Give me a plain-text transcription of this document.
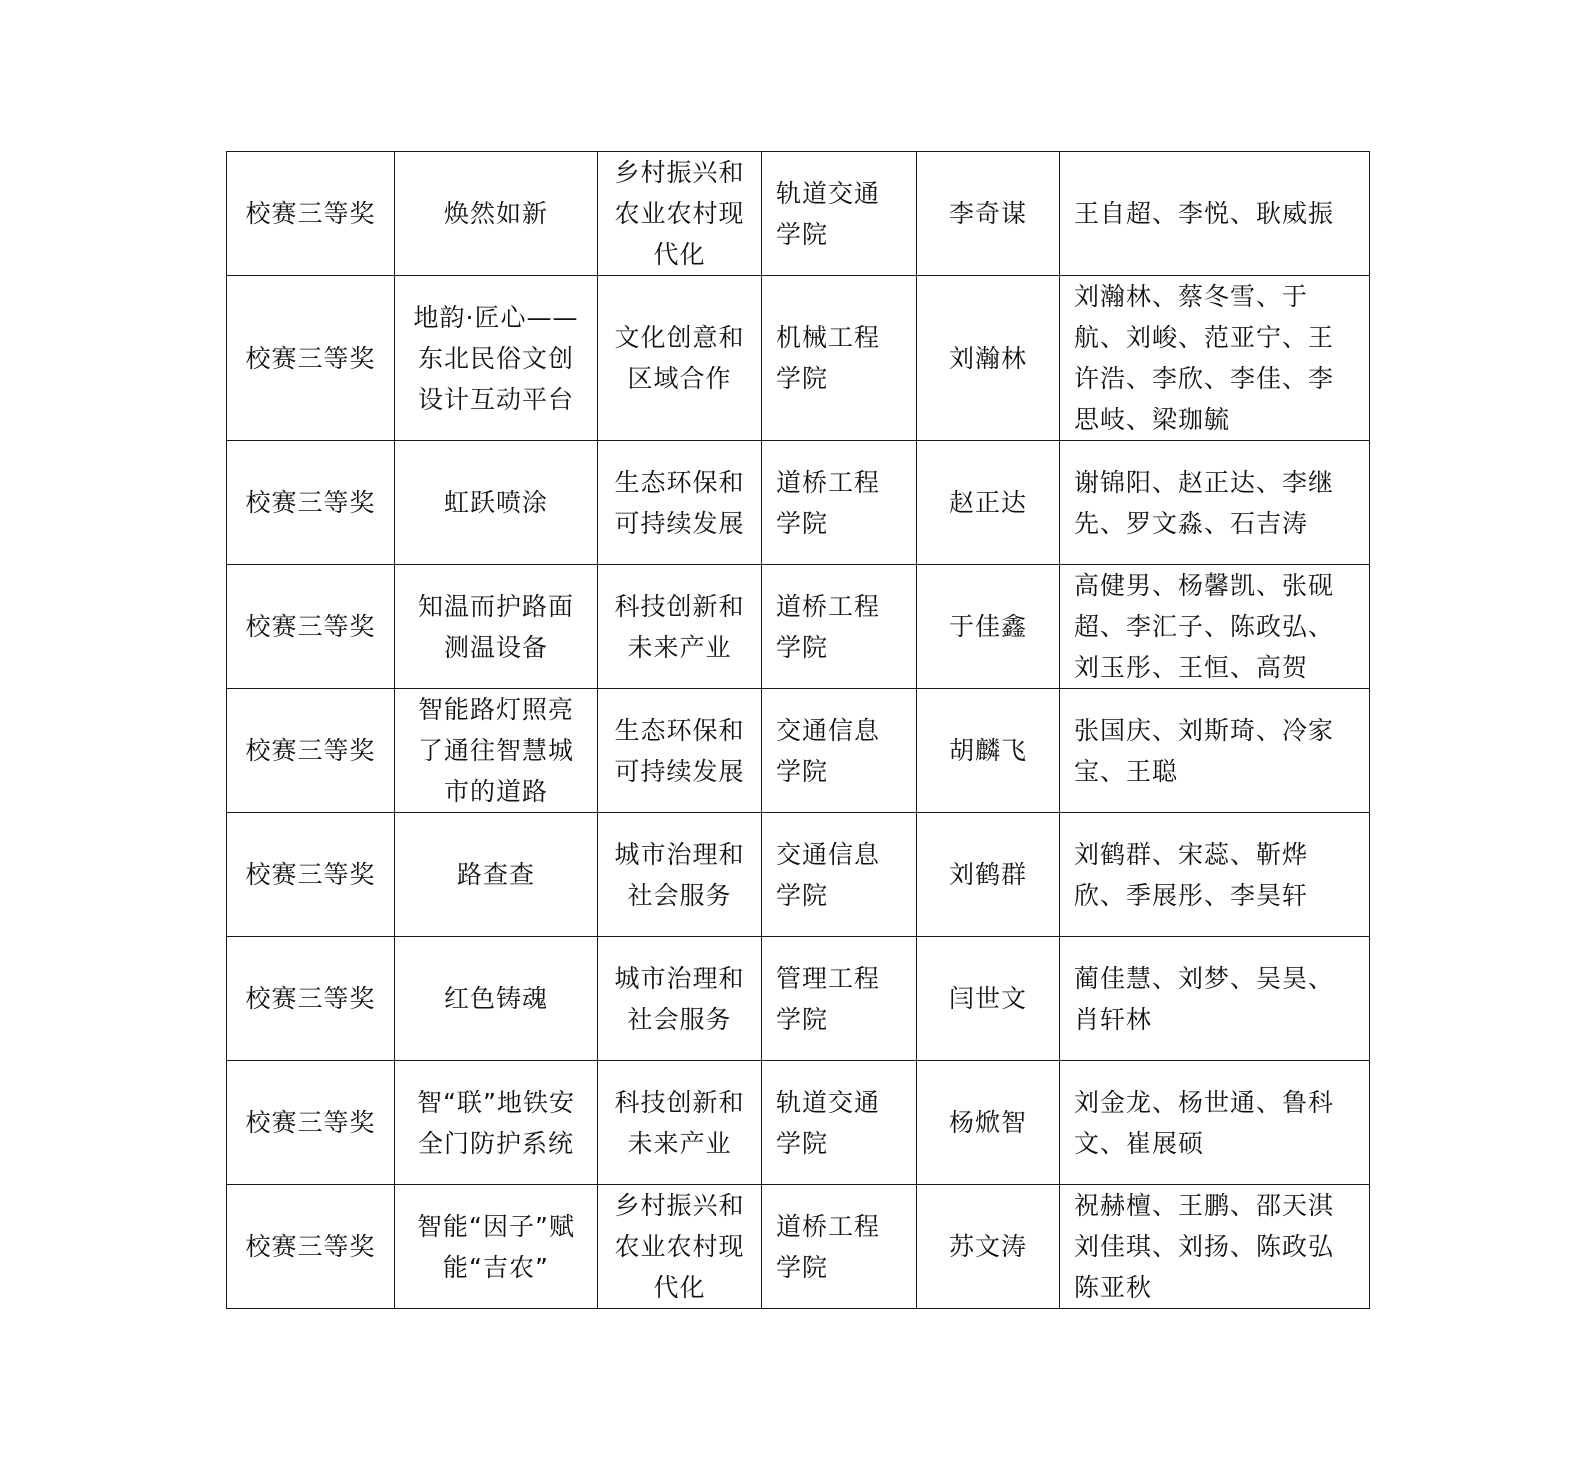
校赛三等奖	焕然如新	乡村振兴和农业农村现代化	轨道交通学院	李奇谋	王自超、李悦、耿威振
校赛三等奖	地韵·匠心——东北民俗文创设计互动平台	文化创意和区域合作	机械工程学院	刘瀚林	刘瀚林、蔡冬雪、于航、刘峻、范亚宁、王许浩、李欣、李佳、李思岐、梁珈毓
校赛三等奖	虹跃喷涂	生态环保和可持续发展	道桥工程学院	赵正达	谢锦阳、赵正达、李继先、罗文淼、石吉涛
校赛三等奖	知温而护路面测温设备	科技创新和未来产业	道桥工程学院	于佳鑫	高健男、杨馨凯、张砚超、李汇子、陈政弘、刘玉彤、王恒、高贺
校赛三等奖	智能路灯照亮了通往智慧城市的道路	生态环保和可持续发展	交通信息学院	胡麟飞	张国庆、刘斯琦、冷家宝、王聪
校赛三等奖	路查查	城市治理和社会服务	交通信息学院	刘鹤群	刘鹤群、宋蕊、靳烨欣、季展彤、李昊轩
校赛三等奖	红色铸魂	城市治理和社会服务	管理工程学院	闫世文	蔺佳慧、刘梦、吴昊、肖轩林
校赛三等奖	智“联”地铁安全门防护系统	科技创新和未来产业	轨道交通学院	杨焮智	刘金龙、杨世通、鲁科文、崔展硕
校赛三等奖	智能“因子”赋能“吉农”	乡村振兴和农业农村现代化	道桥工程学院	苏文涛	祝赫檀、王鹏、邵天淇刘佳琪、刘扬、陈政弘陈亚秋
